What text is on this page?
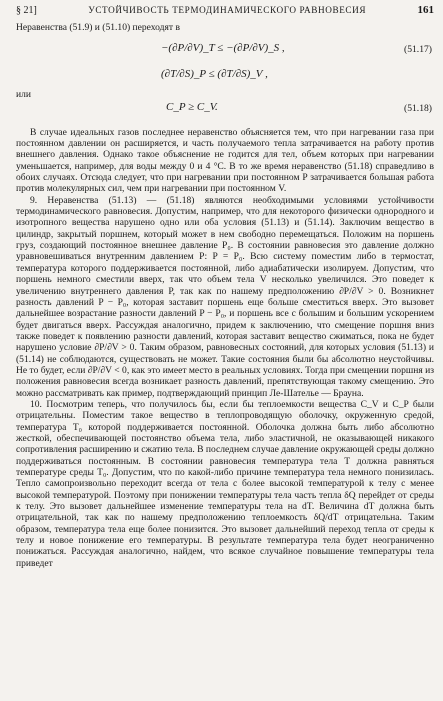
§ 21]	УСТОЙЧИВОСТЬ ТЕРМОДИНАМИЧЕСКОГО РАВНОВЕСИЯ	161

Неравенства (51.9) и (51.10) переходят в

−(∂P/∂V)_T ≤ −(∂P/∂V)_S ,	(51.17)
(∂T/∂S)_P ≤ (∂T/∂S)_V ,

или

C_P ≥ C_V.	(51.18)

В случае идеальных газов последнее неравенство объясняется тем, что при нагревании газа при постоянном давлении он расширяется, и часть получаемого тепла затрачивается на работу против внешнего давления. Однако такое объяснение не годится для тел, объем которых при нагревании уменьшается, например, для воды между 0 и 4 °С. В то же время неравенство (51.18) справедливо в обоих случаях. Отсюда следует, что при нагревании при постоянном P затрачивается большая работа против молекулярных сил, чем при нагревании при постоянном V.

9. Неравенства (51.13) — (51.18) являются необходимыми условиями устойчивости термодинамического равновесия. Допустим, например, что для некоторого физически однородного и изотропного вещества нарушено одно или оба условия (51.13) и (51.14). Заключим вещество в цилиндр, закрытый поршнем, который может в нем свободно перемещаться. Положим на поршень груз, создающий постоянное внешнее давление P₀. В состоянии равновесия это давление должно уравновешиваться внутренним давлением P: P = P₀. Всю систему поместим либо в термостат, температура которого поддерживается постоянной, либо адиабатически изолируем. Допустим, что поршень немного сместили вверх, так что объем тела V несколько увеличился. Это поведет к увеличению внутреннего давления P, так как по нашему предположению ∂P/∂V > 0. Возникнет разность давлений P − P₀, которая заставит поршень еще больше сместиться вверх. Это вызовет дальнейшее возрастание разности давлений P − P₀, и поршень все с большим и большим ускорением будет двигаться вверх. Рассуждая аналогично, придем к заключению, что смещение поршня вниз также поведет к появлению разности давлений, которая заставит вещество сжиматься, пока не будет нарушено условие ∂P/∂V > 0. Таким образом, равновесных состояний, для которых условия (51.13) и (51.14) не соблюдаются, существовать не может. Такие состояния были бы абсолютно неустойчивы. Не то будет, если ∂P/∂V < 0, как это имеет место в реальных условиях. Тогда при смещении поршня из положения равновесия всегда возникает разность давлений, препятствующая такому смещению. Это можно рассматривать как пример, подтверждающий принцип Ле-Шателье — Брауна.

10. Посмотрим теперь, что получилось бы, если бы теплоемкости вещества C_V и C_P были отрицательны. Поместим такое вещество в теплопроводящую оболочку, окруженную средой, температура T₀ которой поддерживается постоянной. Оболочка должна быть либо абсолютно жесткой, обеспечивающей постоянство объема тела, либо эластичной, не оказывающей никакого сопротивления расширению и сжатию тела. В последнем случае давление окружающей среды должно поддерживаться постоянным. В состоянии равновесия температура тела T должна равняться температуре среды T₀. Допустим, что по какой-либо причине температура тела немного понизилась. Тепло самопроизвольно переходит всегда от тела с более высокой температурой к телу с менее высокой температурой. Поэтому при понижении температуры тела часть тепла δQ перейдет от среды к телу. Это вызовет дальнейшее изменение температуры тела на dT. Величина dT должна быть отрицательной, так как по нашему предположению теплоемкость δQ/dT отрицательна. Таким образом, температура тела еще более понизится. Это вызовет дальнейший переход тепла от среды к телу и новое понижение его температуры. В результате температура тела будет неограниченно понижаться. Рассуждая аналогично, найдем, что всякое случайное повышение температуры тела приведет
